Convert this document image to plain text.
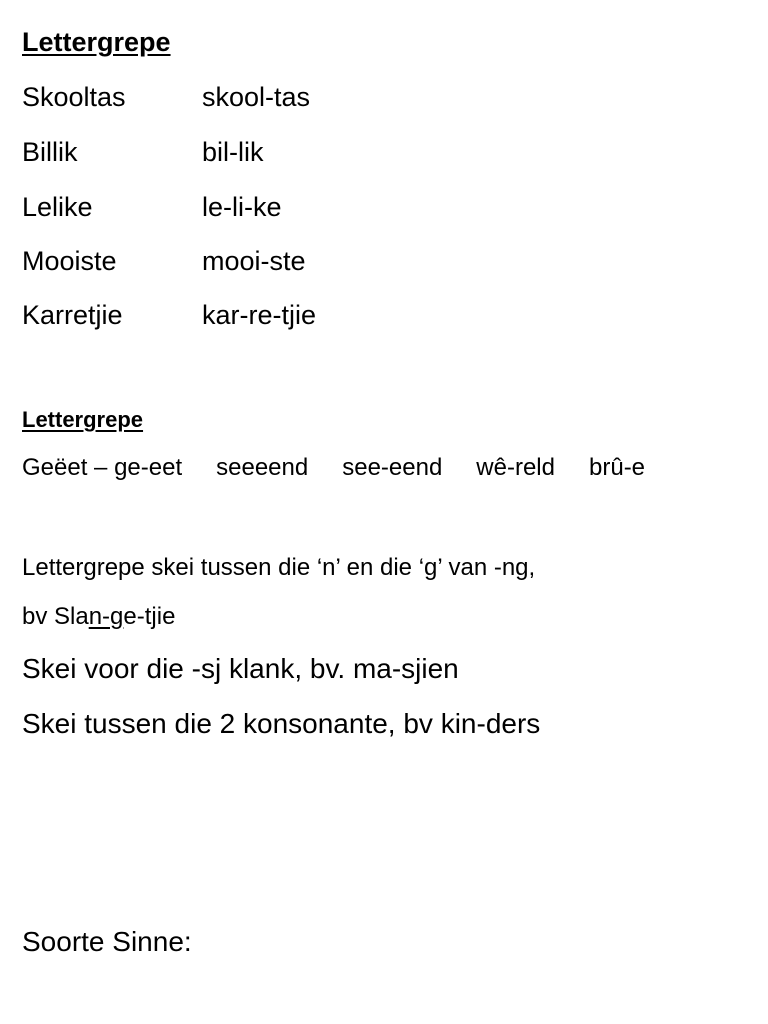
Lettergrepe
Skooltas	skool-tas
Billik	bil-lik
Lelike	le-li-ke
Mooiste	mooi-ste
Karretjie	kar-re-tjie
Lettergrepe
Geëet – ge-eet seeeend see-eend wê-reld brû-e
Lettergrepe skei tussen die ‘n’ en die ‘g’ van -ng,
bv Slan-ge-tjie
Skei voor die -sj klank, bv. ma-sjien
Skei tussen die 2 konsonante, bv kin-ders
Soorte Sinne:
